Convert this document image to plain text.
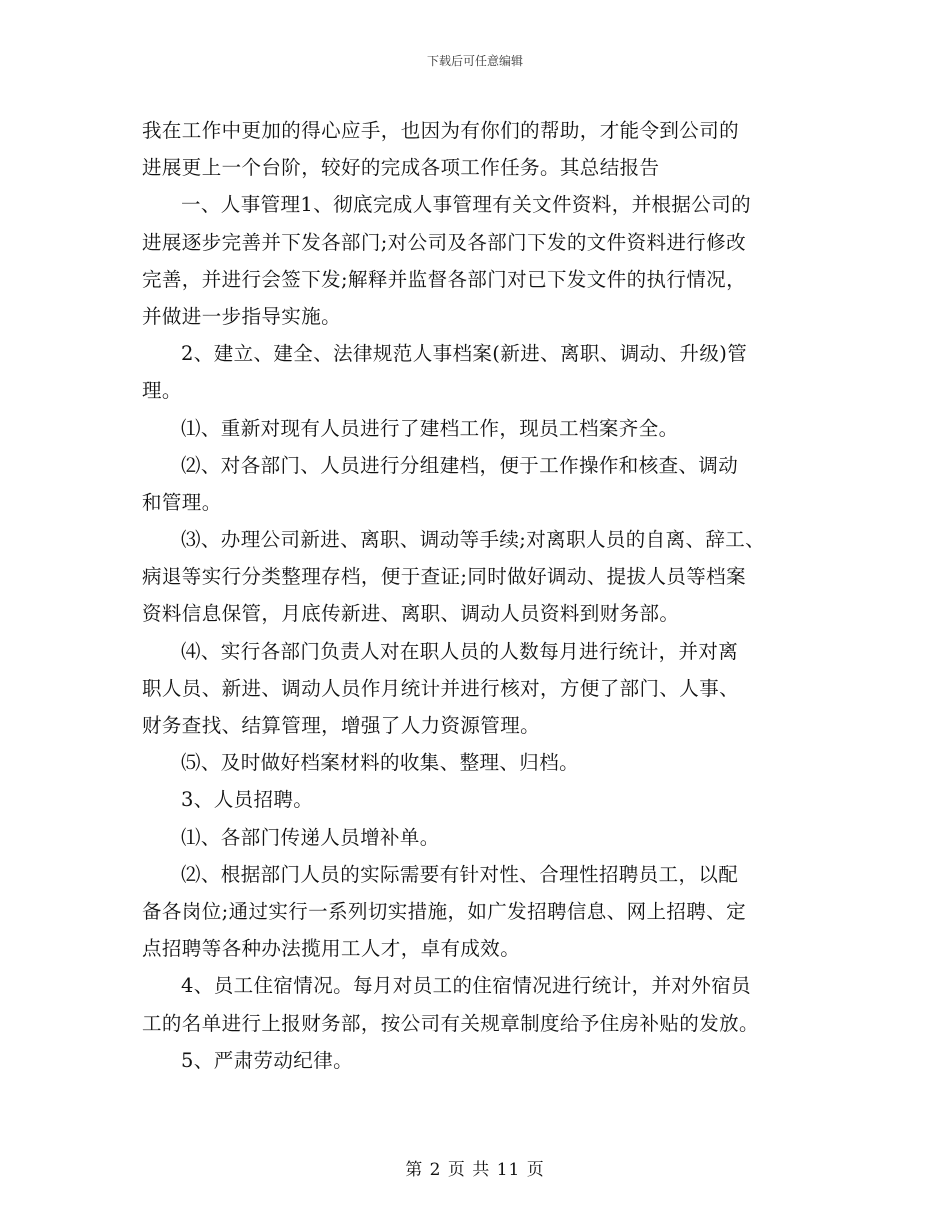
下载后可任意编辑
我在工作中更加的得心应手，也因为有你们的帮助，才能令到公司的
进展更上一个台阶，较好的完成各项工作任务。其总结报告
一、人事管理1、彻底完成人事管理有关文件资料，并根据公司的
进展逐步完善并下发各部门;对公司及各部门下发的文件资料进行修改
完善，并进行会签下发;解释并监督各部门对已下发文件的执行情况，
并做进一步指导实施。
2、建立、建全、法律规范人事档案(新进、离职、调动、升级)管
理。
⑴、重新对现有人员进行了建档工作，现员工档案齐全。
⑵、对各部门、人员进行分组建档，便于工作操作和核查、调动
和管理。
⑶、办理公司新进、离职、调动等手续;对离职人员的自离、辞工、
病退等实行分类整理存档，便于查证;同时做好调动、提拔人员等档案
资料信息保管，月底传新进、离职、调动人员资料到财务部。
⑷、实行各部门负责人对在职人员的人数每月进行统计，并对离
职人员、新进、调动人员作月统计并进行核对，方便了部门、人事、
财务查找、结算管理，增强了人力资源管理。
⑸、及时做好档案材料的收集、整理、归档。
3、人员招聘。
⑴、各部门传递人员增补单。
⑵、根据部门人员的实际需要有针对性、合理性招聘员工，以配
备各岗位;通过实行一系列切实措施，如广发招聘信息、网上招聘、定
点招聘等各种办法揽用工人才，卓有成效。
4、员工住宿情况。每月对员工的住宿情况进行统计，并对外宿员
工的名单进行上报财务部，按公司有关规章制度给予住房补贴的发放。
5、严肃劳动纪律。
第 2 页 共 11 页
